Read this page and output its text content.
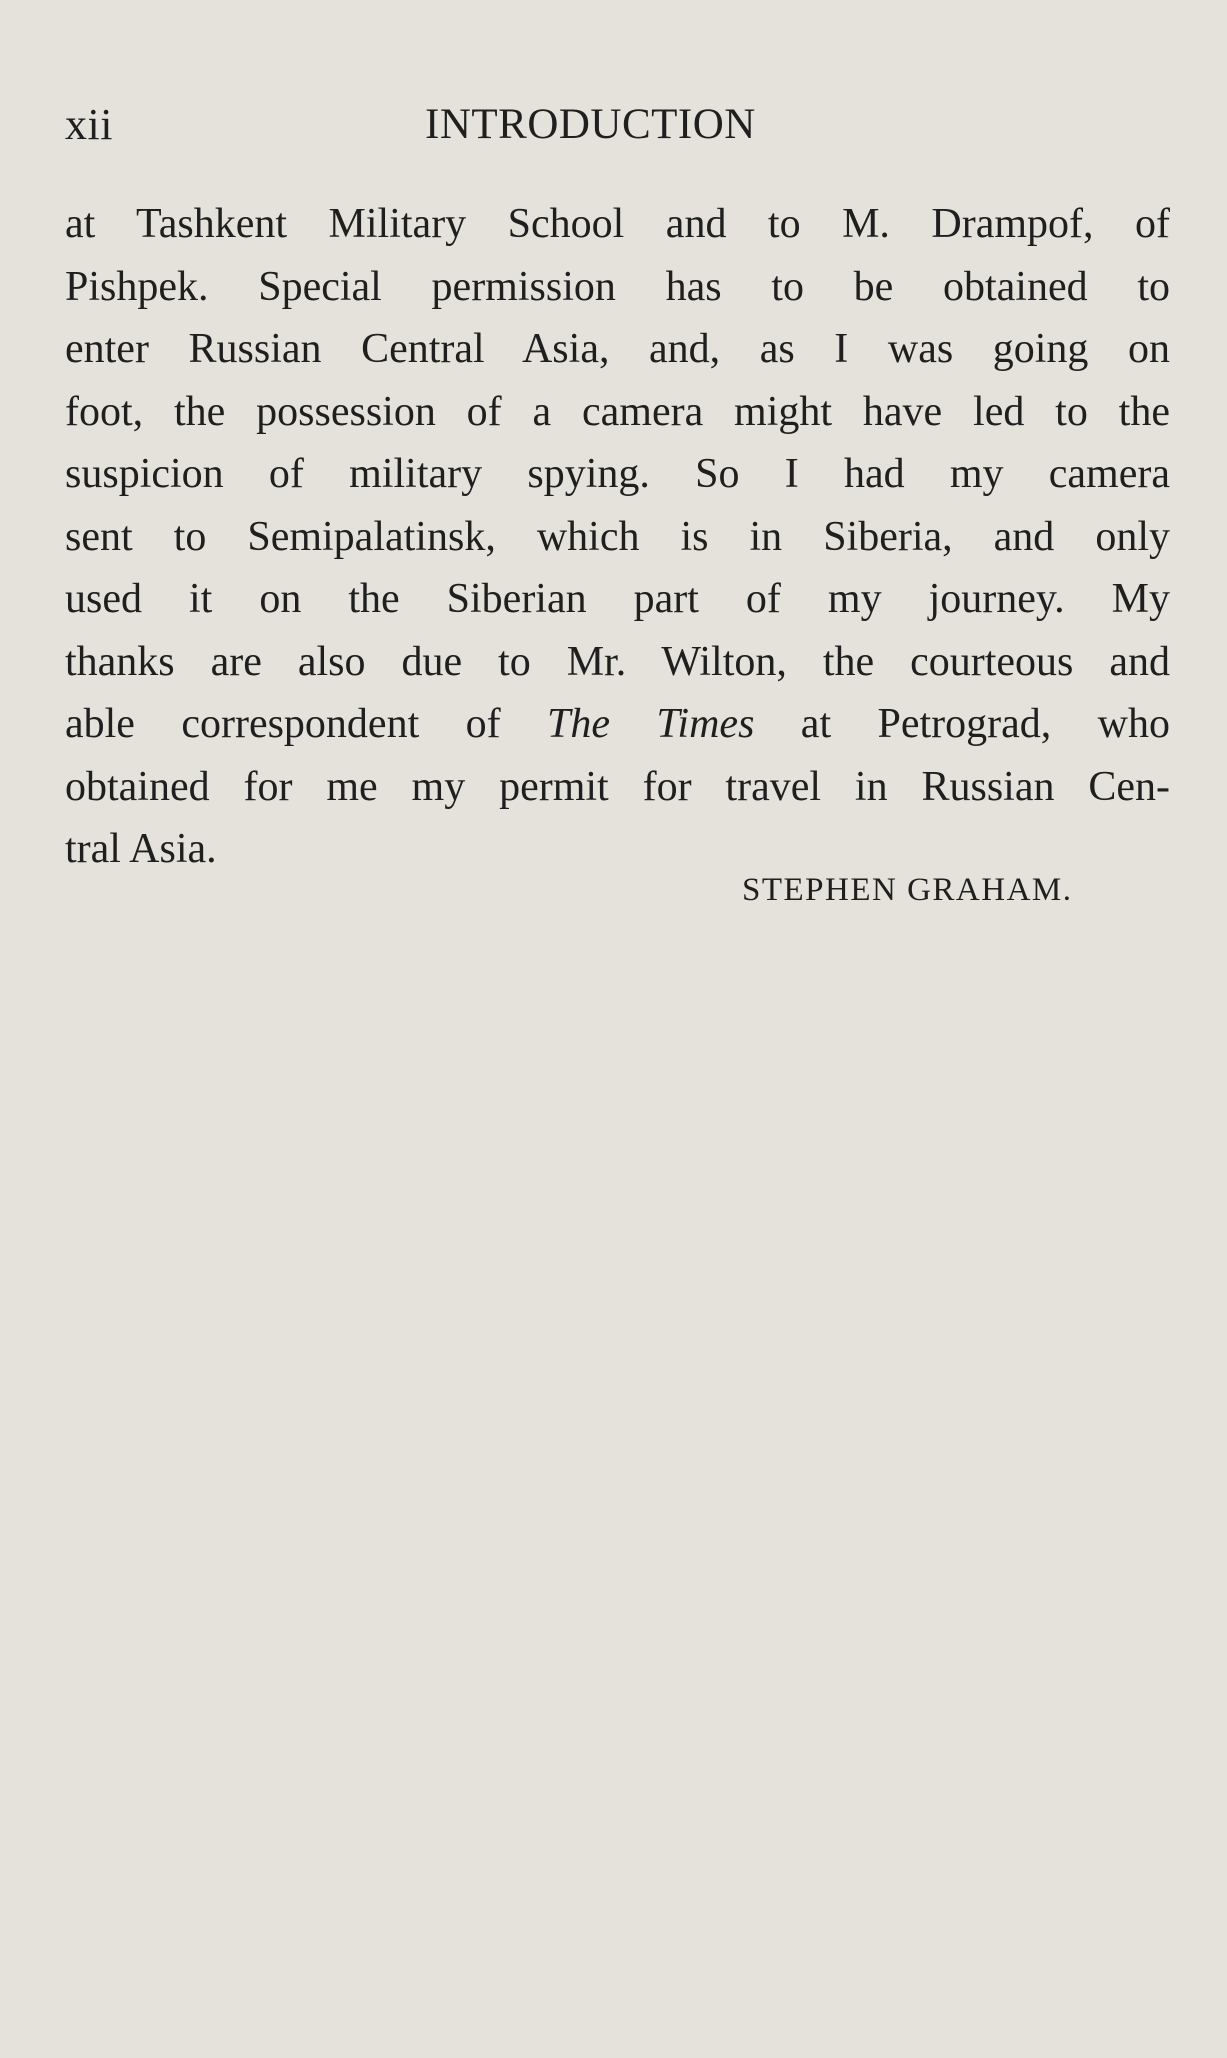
xii	INTRODUCTION
at Tashkent Military School and to M. Drampof, of
Pishpek. Special permission has to be obtained to
enter Russian Central Asia, and, as I was going on
foot, the possession of a camera might have led to the
suspicion of military spying. So I had my camera
sent to Semipalatinsk, which is in Siberia, and only
used it on the Siberian part of my journey. My
thanks are also due to Mr. Wilton, the courteous and
able correspondent of The Times at Petrograd, who
obtained for me my permit for travel in Russian Cen-
tral Asia.
STEPHEN GRAHAM.
